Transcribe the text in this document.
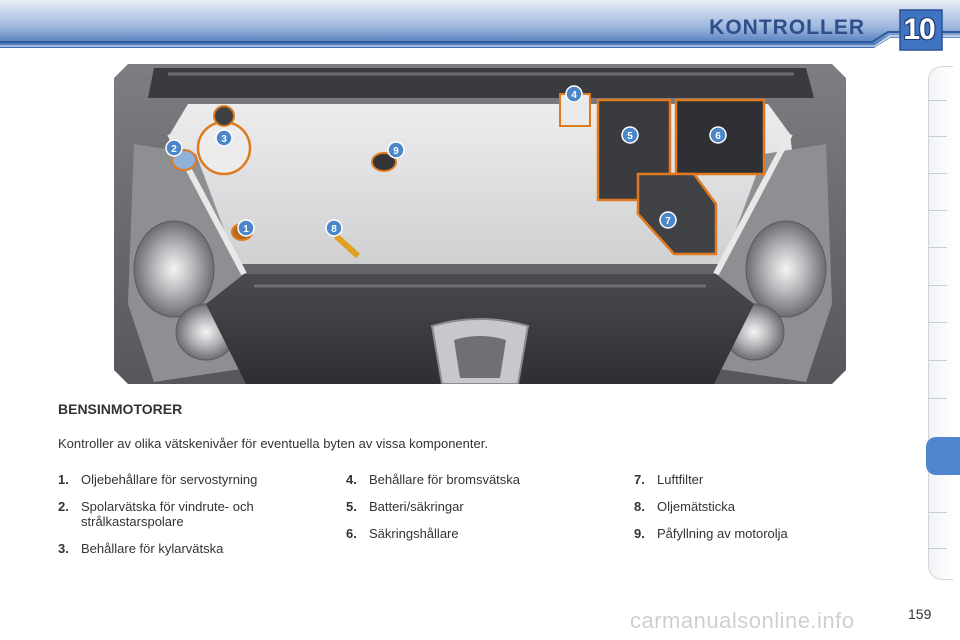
KONTROLLER 10
1
2
3
4
5	6
7
8
9
BENSINMOTORER

Kontroller av olika vätskenivåer för eventuella byten av vissa komponenter.

1. Oljebehållare för servostyrning
2. Spolarvätska för vindrute- och strålkastarspolare
3. Behållare för kylarvätska
4. Behållare för bromsvätska
5. Batteri/säkringar
6. Säkringshållare
7. Luftfilter
8. Oljemätsticka
9. Påfyllning av motorolja
carmanualsonline.info	159
